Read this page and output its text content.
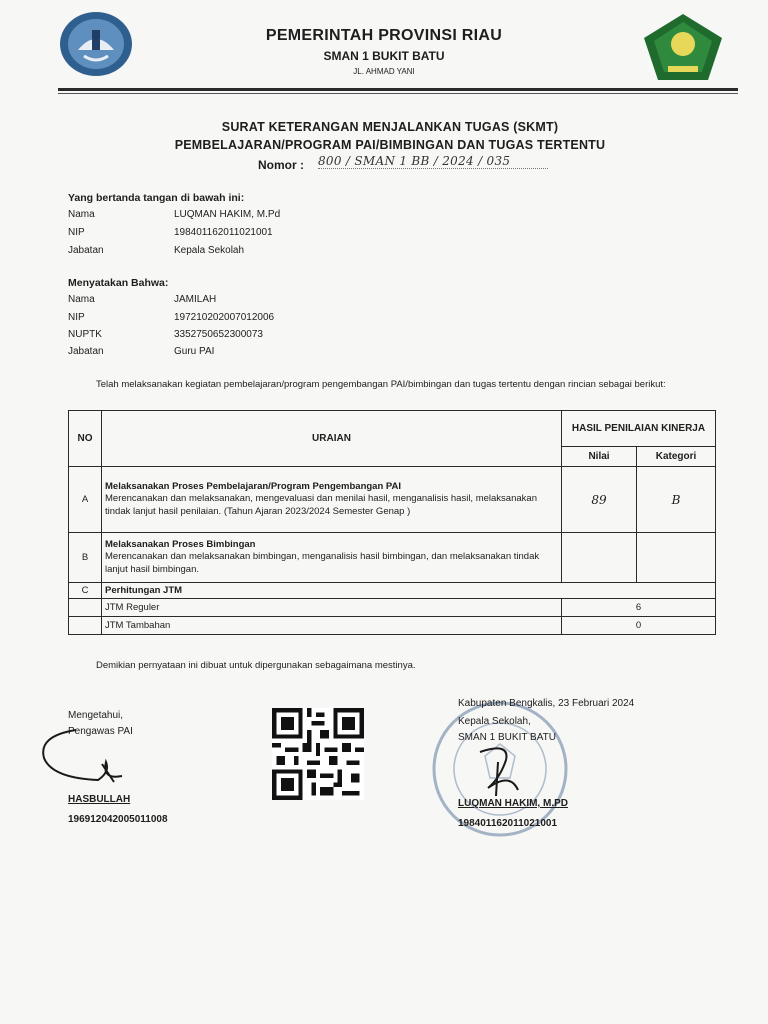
PEMERINTAH PROVINSI RIAU
SMAN 1 BUKIT BATU
JL. AHMAD YANI
SURAT KETERANGAN MENJALANKAN TUGAS (SKMT)
PEMBELAJARAN/PROGRAM PAI/BIMBINGAN DAN TUGAS TERTENTU
Nomor : 800 / SMAN 1 BB / 2024 / 035
Yang bertanda tangan di bawah ini:
Nama	LUQMAN HAKIM, M.Pd
NIP	198401162011021001
Jabatan	Kepala Sekolah
Menyatakan Bahwa:
Nama	JAMILAH
NIP	197210202007012006
NUPTK	3352750652300073
Jabatan	Guru PAI
Telah melaksanakan kegiatan pembelajaran/program pengembangan PAI/bimbingan dan tugas tertentu dengan rincian sebagai berikut:
NO	URAIAN	HASIL PENILAIAN KINERJA	
		Nilai	Kategori
A	Melaksanakan Proses Pembelajaran/Program Pengembangan PAI
Merencanakan dan melaksanakan, mengevaluasi dan menilai hasil, menganalisis hasil, melaksanakan tindak lanjut hasil penilaian. (Tahun Ajaran 2023/2024 Semester Genap )	89	B
B	Melaksanakan Proses Bimbingan
Merencanakan dan melaksanakan bimbingan, menganalisis hasil bimbingan, dan melaksanakan tindak lanjut hasil bimbingan.		

C	Perhitungan JTM		
	JTM Reguler	6	
	JTM Tambahan	0	
Demikian pernyataan ini dibuat untuk dipergunakan sebagaimana mestinya.
Mengetahui,
Pengawas PAI
HASBULLAH
196912042005011008
Kabupaten Bengkalis, 23 Februari 2024
Kepala Sekolah,
SMAN 1 BUKIT BATU
LUQMAN HAKIM, M.PD
198401162011021001
